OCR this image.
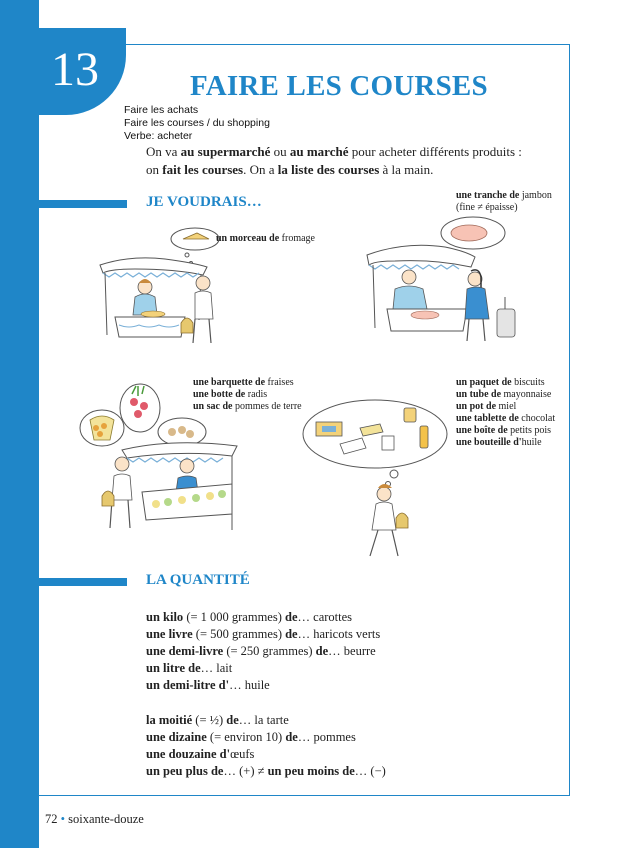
13	FAIRE LES COURSES
Faire les achats
Faire les courses / du shopping
Verbe: acheter
On va au supermarché ou au marché pour acheter différents produits :
on fait les courses. On a la liste des courses à la main.
JE VOUDRAIS…
un morceau de fromage
une tranche de jambon
(fine ≠ épaisse)
une barquette de fraises
une botte de radis
un sac de pommes de terre
un paquet de biscuits
un tube de mayonnaise
un pot de miel
une tablette de chocolat
une boîte de petits pois
une bouteille d'huile
LA QUANTITÉ
un kilo (= 1 000 grammes) de… carottes
une livre (= 500 grammes) de… haricots verts
une demi-livre (= 250 grammes) de… beurre
un litre de… lait
un demi-litre d'… huile
la moitié (= ½) de… la tarte
une dizaine (= environ 10) de… pommes
une douzaine d'œufs
un peu plus de… (+) ≠ un peu moins de… (−)
72 • soixante-douze
